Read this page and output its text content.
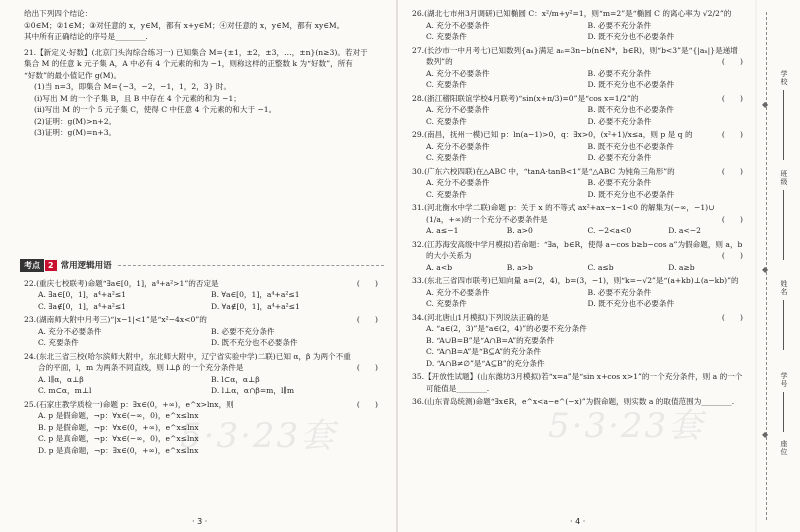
5·3·23套
给出下列四个结论：
①0∈M；②1∈M；③对任意的 x，y∈M，都有 x+y∈M；④对任意的 x，y∈M，都有 xy∈M。
其中所有正确结论的序号是________.
21.【新定义·好数】(北京门头沟综合练习一) 已知集合 M={±1，±2，±3，…，±n}(n≥3)。若对于
集合 M 的任意 k 元子集 A，A 中必有 4 个元素的和为 −1，则称这样的正整数 k 为“好数”，所有
“好数”的最小值记作 g(M)。
(1)当 n=3，即集合 M={−3，−2，−1，1，2，3} 时。
(i)写出 M 的一个子集 B，且 B 中存在 4 个元素的和为 −1；
(ii)写出 M 的一个 5 元子集 C，使得 C 中任意 4 个元素的和大于 −1。
(2)证明：g(M)>n+2。
(3)证明：g(M)=n+3。
考点	2 常用逻辑用语
22.(重庆七校联考)命题“∃a∈[0，1]，a⁴+a²>1”的否定是	(　　)
A. ∃a∈[0，1]，a⁴+a²≤1	B. ∀a∈[0，1]，a⁴+a²≤1
C. ∃a∉[0，1]，a⁴+a²≤1	D. ∀a∉[0，1]，a⁴+a²≤1
23.(湖南师大附中月考三)“|x−1|<1”是“x²−4x<0”的	(　　)
A. 充分不必要条件	B. 必要不充分条件
C. 充要条件	D. 既不充分也不必要条件
24.(东北三省三校(哈尔滨师大附中，东北师大附中，辽宁省实验中学)二联)已知 α，β 为两个不重
合的平面，l，m 为两条不同直线，则 l⊥β 的一个充分条件是	(　　)
A. l∥α，α⊥β	B. l⊂α，α⊥β
C. m⊂α，m⊥l	D. l⊥α，α∩β=m，l∥m
25.(石家庄教学质检一)命题 p：∃x∈(0，+∞)，e^x>lnx，则	(　　)
A. p 是假命题，¬p：∀x∈(−∞，0)，e^x≤lnx
B. p 是假命题，¬p：∀x∈(0，+∞)，e^x≤lnx
C. p 是真命题，¬p：∀x∈(−∞，0)，e^x≤lnx
D. p 是真命题，¬p：∃x∈(0，+∞)，e^x≤lnx
· 3 ·
5·3·23套
26.(湖北七市州3月调研)已知椭圆 C：x²/m+y²=1，则“m=2”是“椭圆 C 的离心率为 √2/2”的
A. 充分不必要条件	B. 必要不充分条件
C. 充要条件	D. 既不充分也不必要条件
27.(长沙市一中月考七)已知数列{aₙ}满足 aₙ=3n−b(n∈N*，b∈R)，则“b<3”是“{|aₙ|}是递增
数列”的	(　　)
A. 充分不必要条件	B. 必要不充分条件
C. 充要条件	D. 既不充分也不必要条件
28.(浙江稽阳联谊学校4月联考)“sin(x+π/3)=0”是“cos x=1/2”的	(　　)
A. 充分不必要条件	B. 既不充分也不必要条件
C. 充要条件	D. 必要不充分条件
29.(南昌，抚州一模)已知 p：ln(a−1)>0，q：∃x>0，(x²+1)/x≤a，则 p 是 q 的	(　　)
A. 充分不必要条件	B. 既不充分也不必要条件
C. 充要条件	D. 必要不充分条件
30.(广东六校四联)在△ABC 中，“tanA·tanB<1”是“△ABC 为钝角三角形”的	(　　)
A. 充分不必要条件	B. 必要不充分条件
C. 充要条件	D. 既不充分也不必要条件
31.(河北衡水中学二联)命题 p：关于 x 的不等式 ax²+ax−x−1<0 的解集为(−∞，−1)∪
(1/a，+∞)的一个充分不必要条件是	(　　)
A. a≤−1	B. a>0	C. −2<a<0	D. a<−2
32.(江苏海安高级中学月模拟)若命题：“∃a，b∈R，使得 a−cos b≥b−cos a”为假命题，则 a，b
的大小关系为	(　　)
A. a<b	B. a>b	C. a≤b	D. a≥b
33.(东北三省四市联考)已知向量 a=(2，4)，b=(3，−1)，则“k=−√2”是“(a+kb)⊥(a−kb)”的
A. 充分不必要条件	B. 必要不充分条件
C. 充要条件	D. 既不充分也不必要条件
34.(河北唐山1月模拟)下列说法正确的是	(　　)
A. “a∈(2，3)”是“a∈(2，4)”的必要不充分条件
B. “A∪B=B”是“A∩B=A”的充要条件
C. “A∩B=A”是“B⊆A”的充分条件
D. “A∩B≠∅”是“A⊆B”的充分条件
35.【开放性试题】(山东潍坊3月模拟)若“x=a”是“sin x+cos x>1”的一个充分条件，则 a 的一个
可能值是________.
36.(山东青岛统测)命题“∃x∈R，e^x<a−e^(−x)”为假命题，则实数 a 的取值范围为________.
· 4 ·
◆
◆
◆
学校
班级
姓名
学号
座位
